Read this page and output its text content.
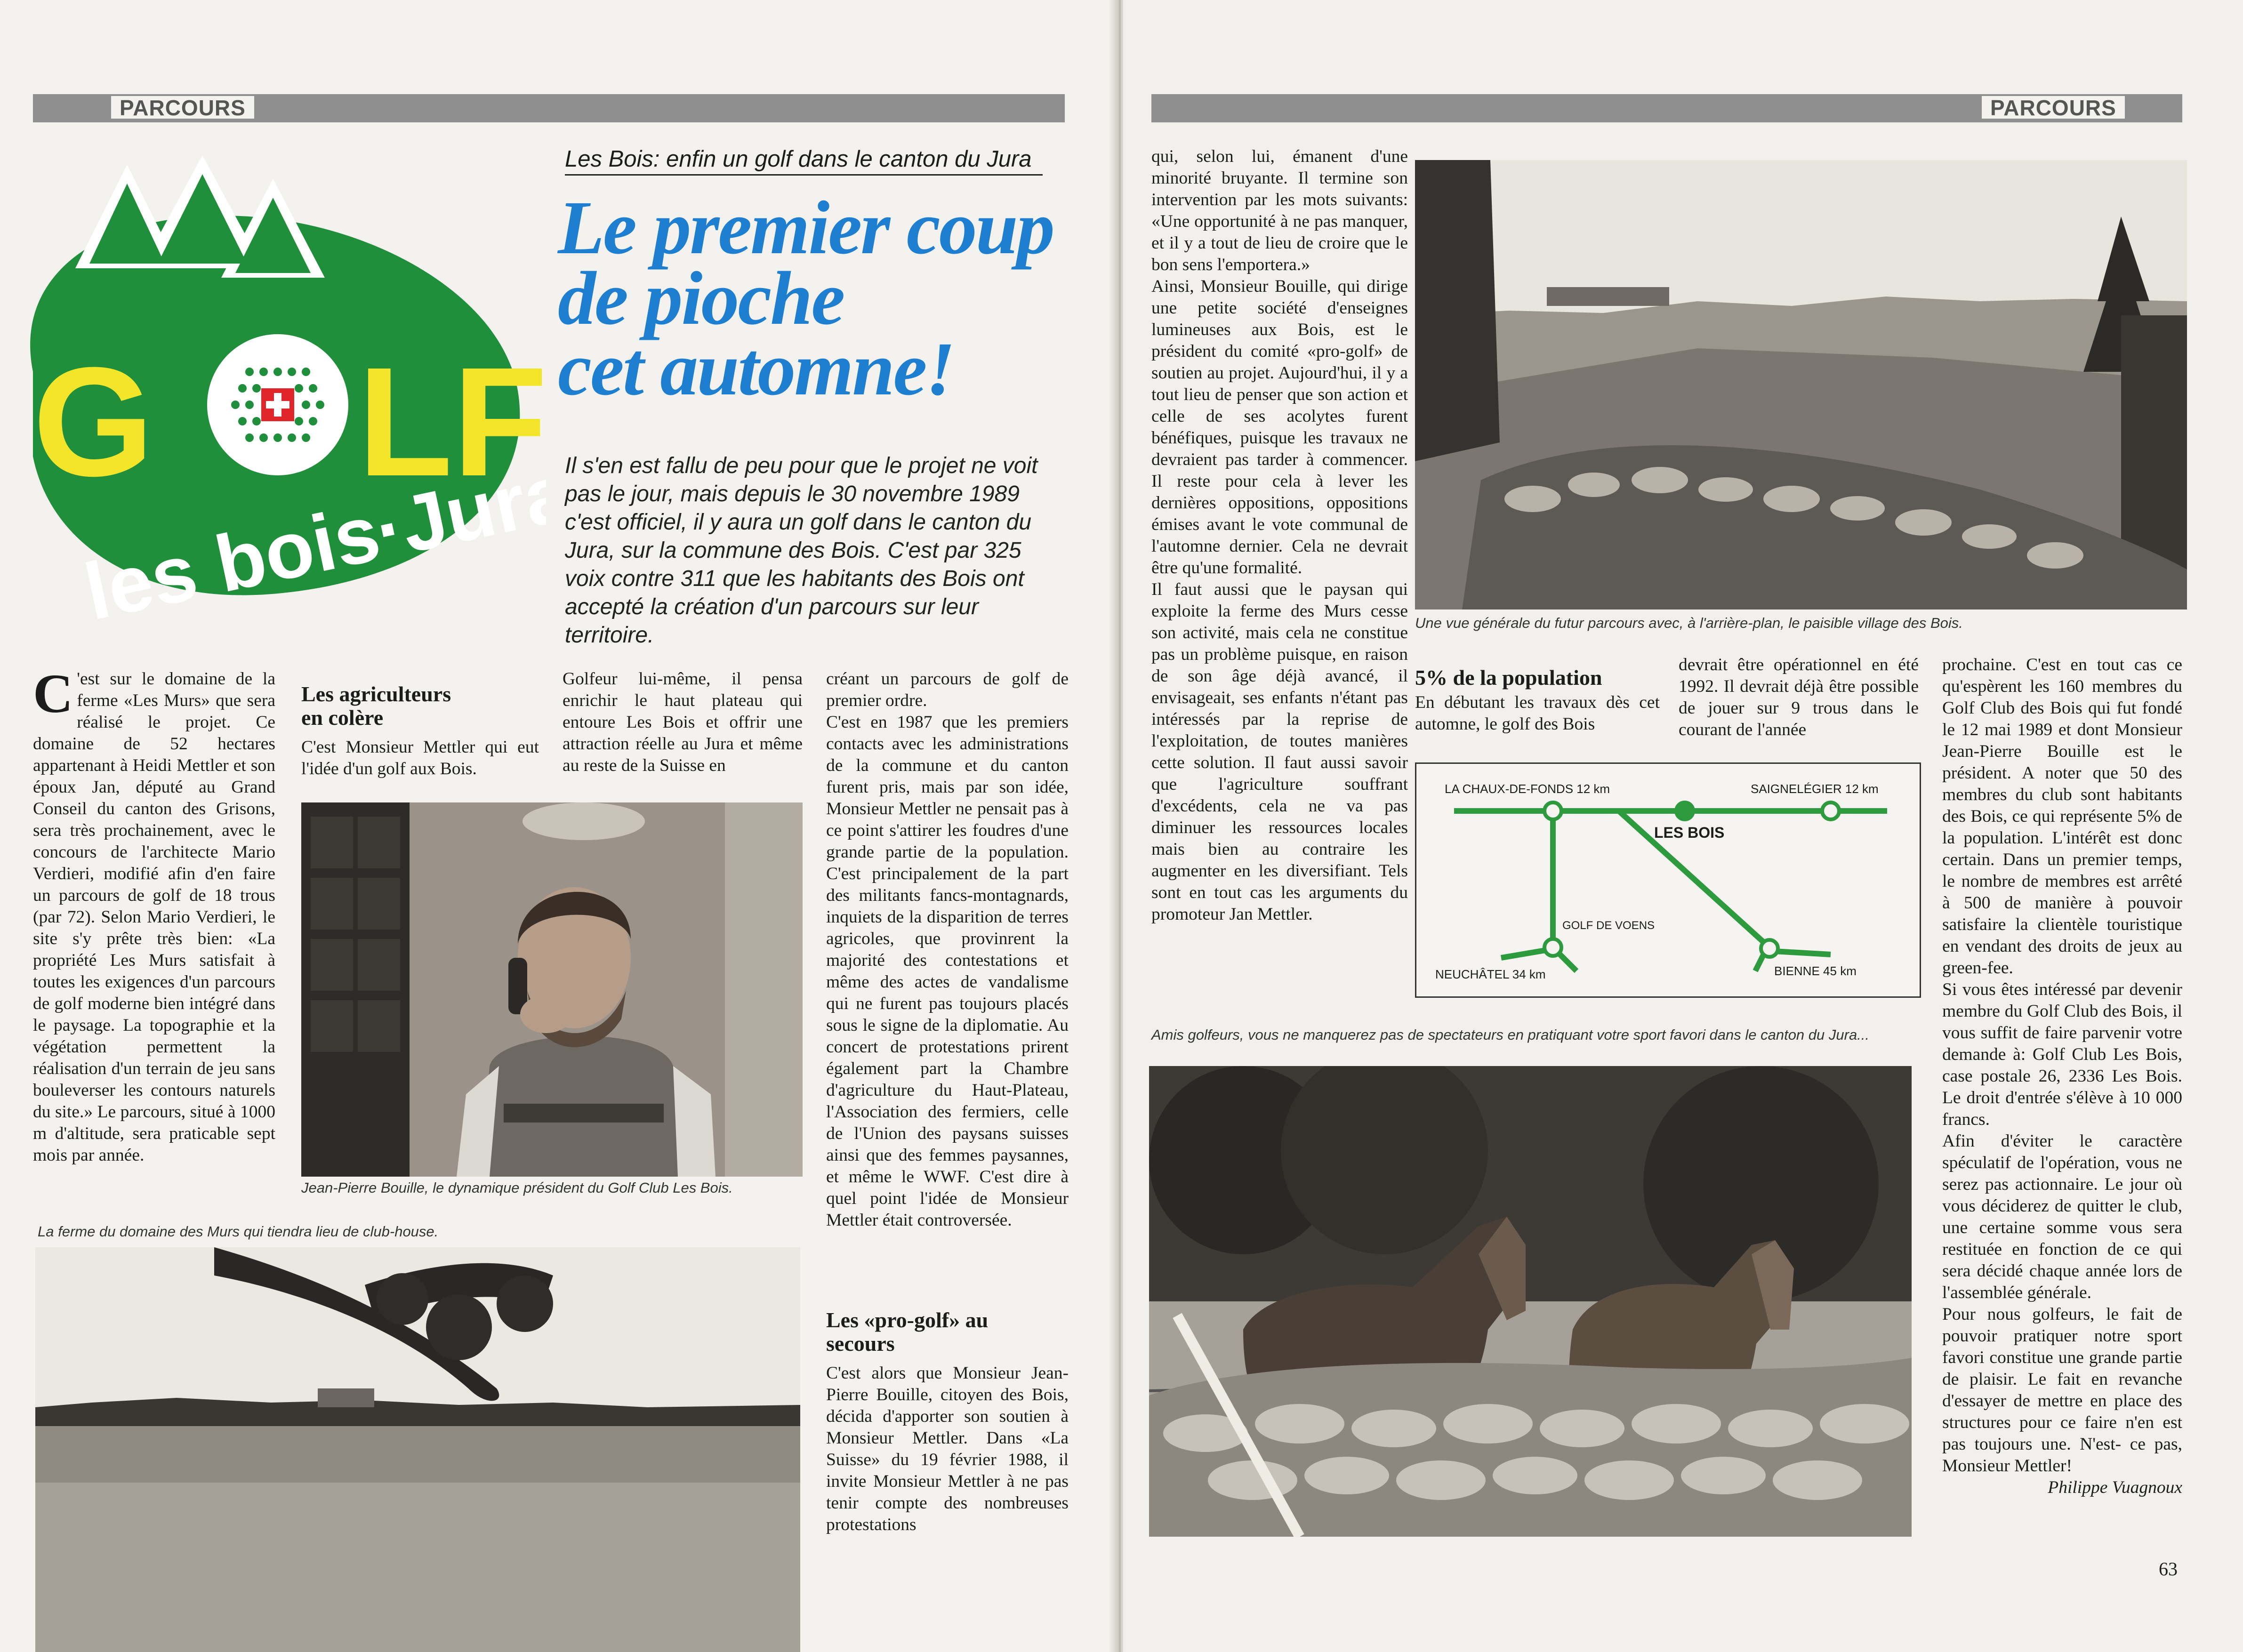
PARCOURS
G LF
les bois
·Jura
Les Bois: enfin un golf dans le canton du Jura
Le premier coup
de pioche
cet automne!
Il s'en est fallu de peu pour que le projet ne voit pas le jour, mais depuis le 30 novembre 1989 c'est officiel, il y aura un golf dans le canton du Jura, sur la commune des Bois. C'est par 325 voix contre 311 que les habitants des Bois ont accepté la création d'un parcours sur leur territoire.
C 'est sur le domaine de la ferme «Les Murs» que sera réalisé le projet. Ce domaine de 52 hectares appartenant à Heidi Mettler et son époux Jan, député au Grand Conseil du canton des Grisons, sera très prochainement, avec le concours de l'architecte Mario Verdieri, modifié afin d'en faire un parcours de golf de 18 trous (par 72). Selon Mario Verdieri, le site s'y prête très bien: «La propriété Les Murs satisfait à toutes les exigences d'un parcours de golf moderne bien intégré dans le paysage. La topographie et la végétation permettent la réalisation d'un terrain de jeu sans bouleverser les contours naturels du site.» Le parcours, situé à 1000 m d'altitude, sera praticable sept mois par année.
Les agriculteurs en colère
C'est Monsieur Mettler qui eut l'idée d'un golf aux Bois.
Jean-Pierre Bouille, le dynamique président du Golf Club Les Bois.
Golfeur lui-même, il pensa enrichir le haut plateau qui entoure Les Bois et offrir une attraction réelle au Jura et même au reste de la Suisse en

créant un parcours de golf de premier ordre.

C'est en 1987 que les premiers contacts avec les administrations de la commune et du canton furent pris, mais par son idée, Monsieur Mettler ne pensait pas à ce point s'attirer les foudres d'une grande partie de la population. C'est principalement de la part des militants fancs-montagnards, inquiets de la disparition de terres agricoles, que provinrent la majorité des contestations et même des actes de vandalisme qui ne furent pas toujours placés sous le signe de la diplomatie. Au concert de protestations prirent également part la Chambre d'agriculture du Haut-Plateau, l'Association des fermiers, celle de l'Union des paysans suisses ainsi que des femmes paysannes, et même le WWF. C'est dire à quel point l'idée de Monsieur Mettler était controversée.

Les «pro-golf» au secours
C'est alors que Monsieur Jean-Pierre Bouille, citoyen des Bois, décida d'apporter son soutien à Monsieur Mettler. Dans «La Suisse» du 19 février 1988, il invite Monsieur Mettler à ne pas tenir compte des nombreuses protestations
La ferme du domaine des Murs qui tiendra lieu de club-house.
PARCOURS

qui, selon lui, émanent d'une minorité bruyante. Il termine son intervention par les mots suivants: «Une opportunité à ne pas manquer, et il y a tout de lieu de croire que le bon sens l'emportera.»

Ainsi, Monsieur Bouille, qui dirige une petite société d'enseignes lumineuses aux Bois, est le président du comité «pro-golf» de soutien au projet. Aujourd'hui, il y a tout lieu de penser que son action et celle de ses acolytes furent bénéfiques, puisque les travaux ne devraient pas tarder à commencer. Il reste pour cela à lever les dernières oppositions, oppositions émises avant le vote communal de l'automne dernier. Cela ne devrait être qu'une formalité.

Il faut aussi que le paysan qui exploite la ferme des Murs cesse son activité, mais cela ne constitue pas un problème puisque, en raison de son âge déjà avancé, il envisageait, ses enfants n'étant pas intéressés par la reprise de l'exploitation, de toutes manières cette solution. Il faut aussi savoir que l'agriculture souffrant d'excédents, cela ne va pas diminuer les ressources locales mais bien au contraire les augmenter en les diversifiant. Tels sont en tout cas les arguments du promoteur Jan Mettler.

Une vue générale du futur parcours avec, à l'arrière-plan, le paisible village des Bois.
5% de la population
En débutant les travaux dès cet automne, le golf des Bois
devrait être opérationnel en été 1992. Il devrait déjà être possible de jouer sur 9 trous dans le courant de l'année
LA CHAUX-DE-FONDS 12 km	SAIGNELÉGIER 12 km
LES BOIS
GOLF DE VOENS
NEUCHÂTEL 34 km	BIENNE 45 km
Amis golfeurs, vous ne manquerez pas de spectateurs en pratiquant votre sport favori dans le canton du Jura...

prochaine. C'est en tout cas ce qu'espèrent les 160 membres du Golf Club des Bois qui fut fondé le 12 mai 1989 et dont Monsieur Jean-Pierre Bouille est le président. A noter que 50 des membres du club sont habitants des Bois, ce qui représente 5% de la population. L'intérêt est donc certain. Dans un premier temps, le nombre de membres est arrêté à 500 de manière à pouvoir satisfaire la clientèle touristique en vendant des droits de jeux au green-fee.

Si vous êtes intéressé par devenir membre du Golf Club des Bois, il vous suffit de faire parvenir votre demande à: Golf Club Les Bois, case postale 26, 2336 Les Bois. Le droit d'entrée s'élève à 10 000 francs.

Afin d'éviter le caractère spéculatif de l'opération, vous ne serez pas actionnaire. Le jour où vous déciderez de quitter le club, une certaine somme vous sera restituée en fonction de ce qui sera décidé chaque année lors de l'assemblée générale.

Pour nous golfeurs, le fait de pouvoir pratiquer notre sport favori constitue une grande partie de plaisir. Le fait en revanche d'essayer de mettre en place des structures pour ce faire n'en est pas toujours une. N'est- ce pas, Monsieur Mettler!
Philippe Vuagnoux

63
